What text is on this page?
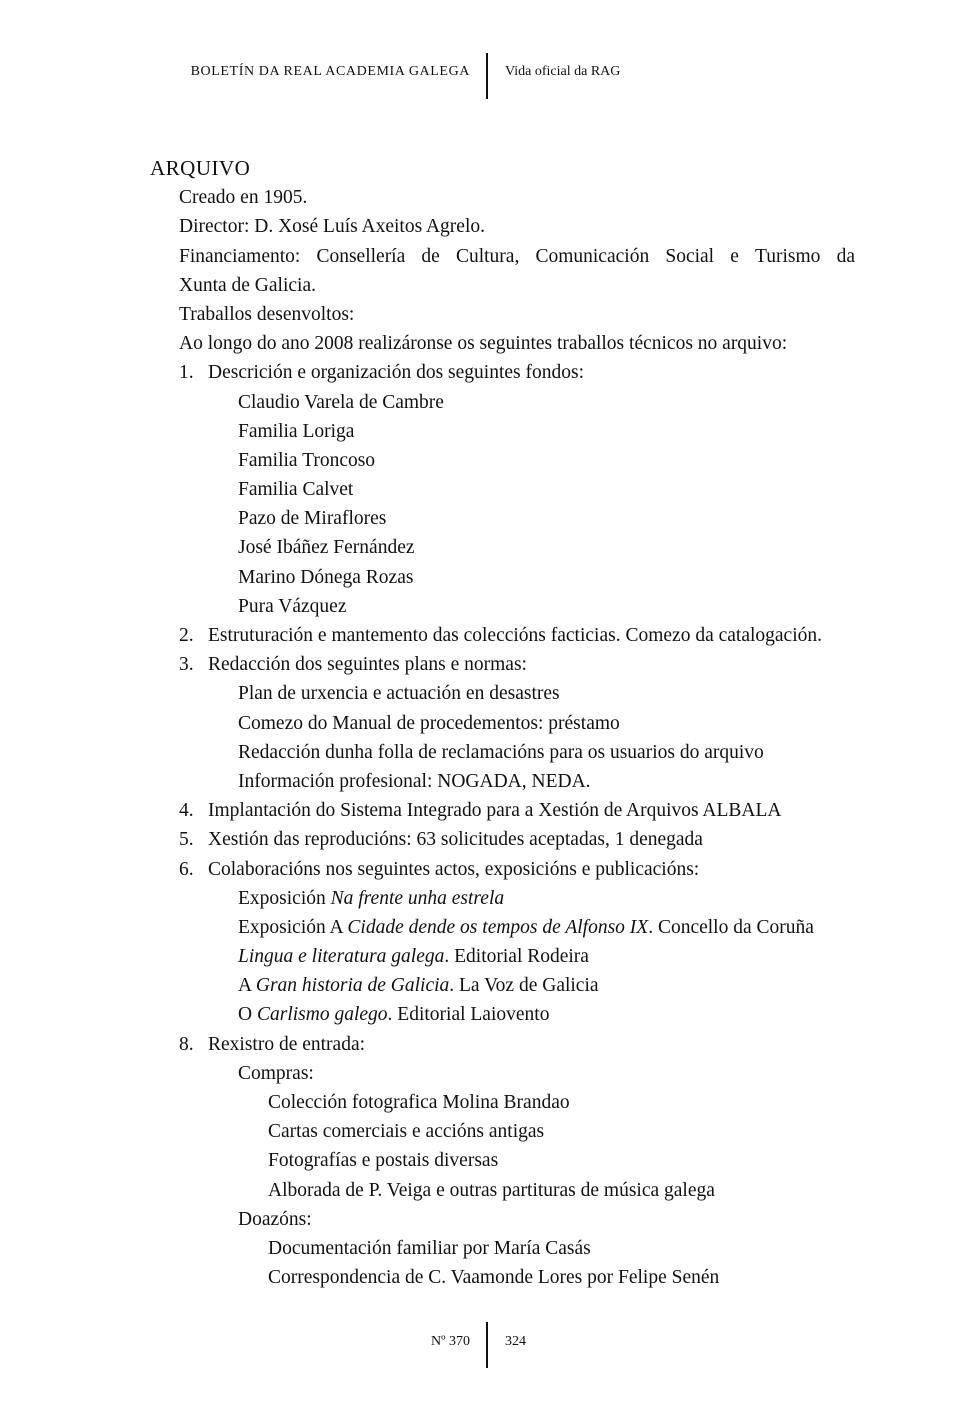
BOLETÍN DA REAL ACADEMIA GALEGA	Vida oficial da RAG
ARQUIVO
Creado en 1905.
Director: D. Xosé Luís Axeitos Agrelo.
Financiamento: Consellería de Cultura, Comunicación Social e Turismo da
Xunta de Galicia.
Traballos desenvoltos:
Ao longo do ano 2008 realizáronse os seguintes traballos técnicos no arquivo:
1. Descrición e organización dos seguintes fondos:
Claudio Varela de Cambre
Familia Loriga
Familia Troncoso
Familia Calvet
Pazo de Miraflores
José Ibáñez Fernández
Marino Dónega Rozas
Pura Vázquez
2. Estruturación e mantemento das coleccións facticias. Comezo da catalogación.
3. Redacción dos seguintes plans e normas:
Plan de urxencia e actuación en desastres
Comezo do Manual de procedementos: préstamo
Redacción dunha folla de reclamacións para os usuarios do arquivo
Información profesional: NOGADA, NEDA.
4. Implantación do Sistema Integrado para a Xestión de Arquivos ALBALA
5. Xestión das reproducións: 63 solicitudes aceptadas, 1 denegada
6. Colaboracións nos seguintes actos, exposicións e publicacións:
Exposición Na frente unha estrela
Exposición A Cidade dende os tempos de Alfonso IX. Concello da Coruña
Lingua e literatura galega. Editorial Rodeira
A Gran historia de Galicia. La Voz de Galicia
O Carlismo galego. Editorial Laiovento
8. Rexistro de entrada:
Compras:
Colección fotografica Molina Brandao
Cartas comerciais e accións antigas
Fotografías e postais diversas
Alborada de P. Veiga e outras partituras de música galega
Doazóns:
Documentación familiar por María Casás
Correspondencia de C. Vaamonde Lores por Felipe Senén
Nº 370	324
